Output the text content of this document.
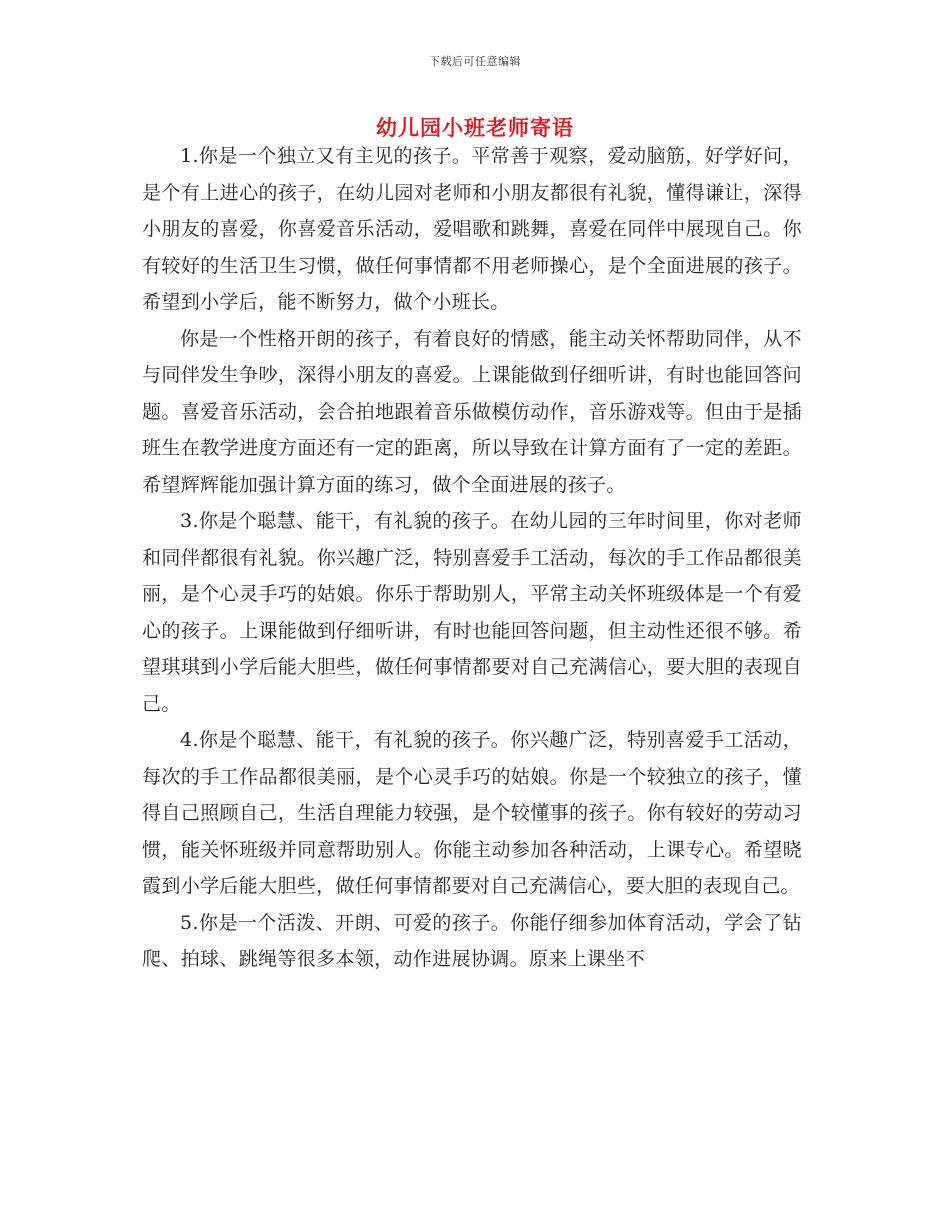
下载后可任意编辑
幼儿园小班老师寄语

1.你是一个独立又有主见的孩子。平常善于观察，爱动脑筋，好学好问，是个有上进心的孩子，在幼儿园对老师和小朋友都很有礼貌，懂得谦让，深得小朋友的喜爱，你喜爱音乐活动，爱唱歌和跳舞，喜爱在同伴中展现自己。你有较好的生活卫生习惯，做任何事情都不用老师操心，是个全面进展的孩子。希望到小学后，能不断努力，做个小班长。

你是一个性格开朗的孩子，有着良好的情感，能主动关怀帮助同伴，从不与同伴发生争吵，深得小朋友的喜爱。上课能做到仔细听讲，有时也能回答问题。喜爱音乐活动，会合拍地跟着音乐做模仿动作，音乐游戏等。但由于是插班生在教学进度方面还有一定的距离，所以导致在计算方面有了一定的差距。希望辉辉能加强计算方面的练习，做个全面进展的孩子。

3.你是个聪慧、能干，有礼貌的孩子。在幼儿园的三年时间里，你对老师和同伴都很有礼貌。你兴趣广泛，特别喜爱手工活动，每次的手工作品都很美丽，是个心灵手巧的姑娘。你乐于帮助别人，平常主动关怀班级体是一个有爱心的孩子。上课能做到仔细听讲，有时也能回答问题，但主动性还很不够。希望琪琪到小学后能大胆些，做任何事情都要对自己充满信心，要大胆的表现自己。

4.你是个聪慧、能干，有礼貌的孩子。你兴趣广泛，特别喜爱手工活动，每次的手工作品都很美丽，是个心灵手巧的姑娘。你是一个较独立的孩子，懂得自己照顾自己，生活自理能力较强，是个较懂事的孩子。你有较好的劳动习惯，能关怀班级并同意帮助别人。你能主动参加各种活动，上课专心。希望晓霞到小学后能大胆些，做任何事情都要对自己充满信心，要大胆的表现自己。

5.你是一个活泼、开朗、可爱的孩子。你能仔细参加体育活动，学会了钻爬、拍球、跳绳等很多本领，动作进展协调。原来上课坐不
